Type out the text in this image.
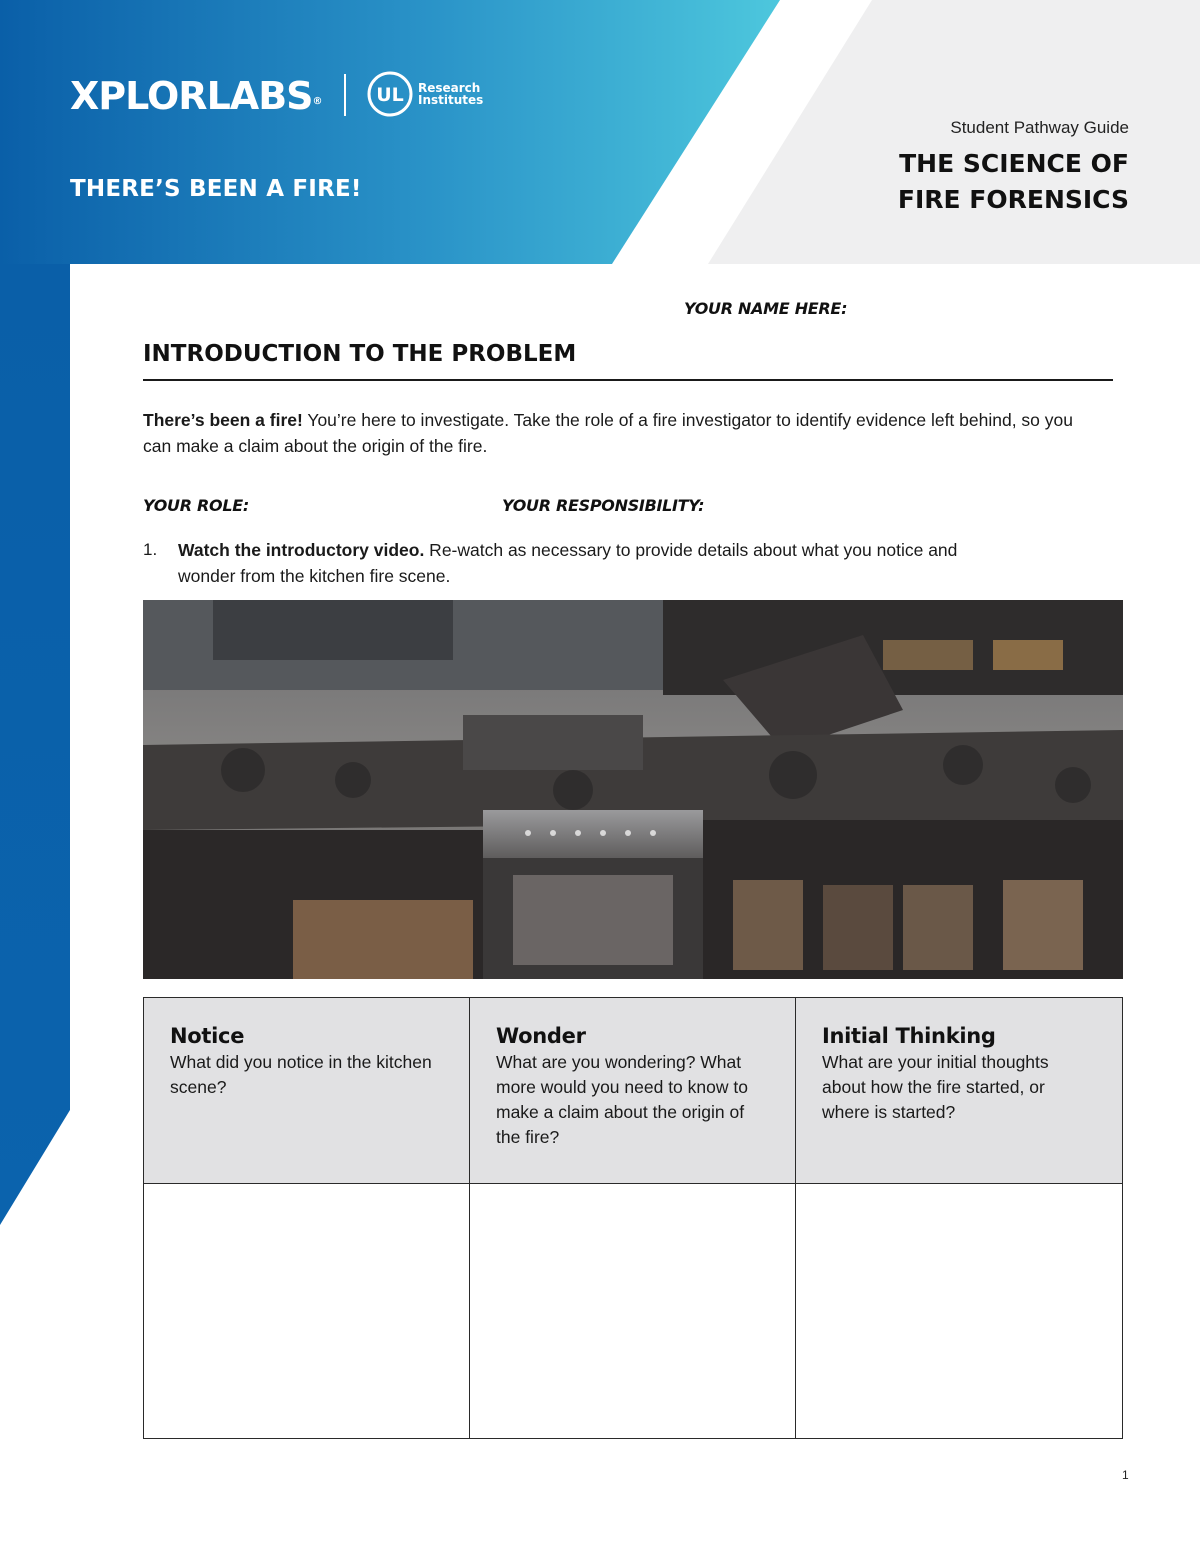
XPLORLABS®	UL Research
Institutes
THERE’S BEEN A FIRE!
Student Pathway Guide
THE SCIENCE OF
FIRE FORENSICS
YOUR NAME HERE:
INTRODUCTION TO THE PROBLEM
There’s been a fire! You’re here to investigate. Take the role of a fire investigator to identify evidence left behind, so you can make a claim about the origin of the fire.
YOUR ROLE:	YOUR RESPONSIBILITY:
1. Watch the introductory video. Re-watch as necessary to provide details about what you notice and wonder from the kitchen fire scene.
Notice
What did you notice in the kitchen scene?
Wonder
What are you wondering? What more would you need to know to make a claim about the origin of the fire?
Initial Thinking
What are your initial thoughts about how the fire started, or where is started?
1
